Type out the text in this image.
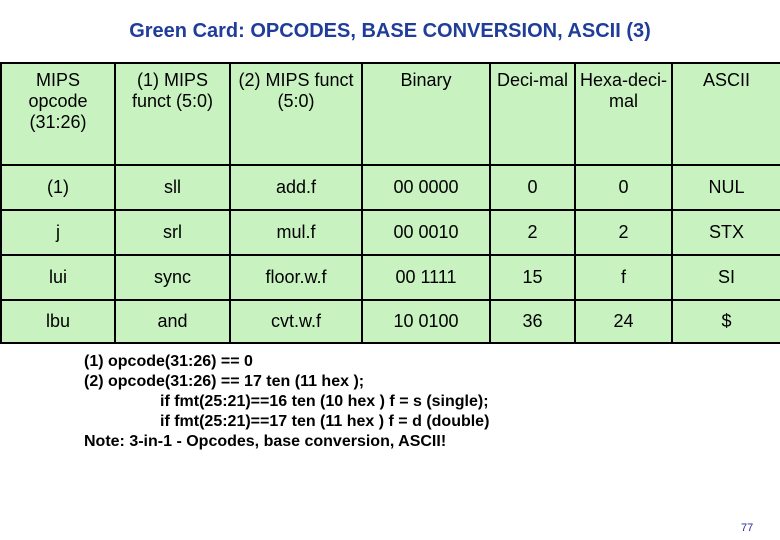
Green Card: OPCODES, BASE CONVERSION, ASCII (3)
MIPS opcode (31:26)	(1) MIPS funct (5:0)	(2) MIPS funct (5:0)	Binary	Deci-mal	Hexa-deci-mal	ASCII
(1)	sll	add.f	00 0000	0	0	NUL
j	srl	mul.f	00 0010	2	2	STX
lui	sync	floor.w.f	00 1111	15	f	SI
lbu	and	cvt.w.f	10 0100	36	24	$
(1) opcode(31:26) == 0
(2) opcode(31:26) == 17 ten (11 hex );
if fmt(25:21)==16 ten (10 hex ) f = s (single);
if fmt(25:21)==17 ten (11 hex ) f = d (double)
Note: 3-in-1 - Opcodes, base conversion, ASCII!
77
